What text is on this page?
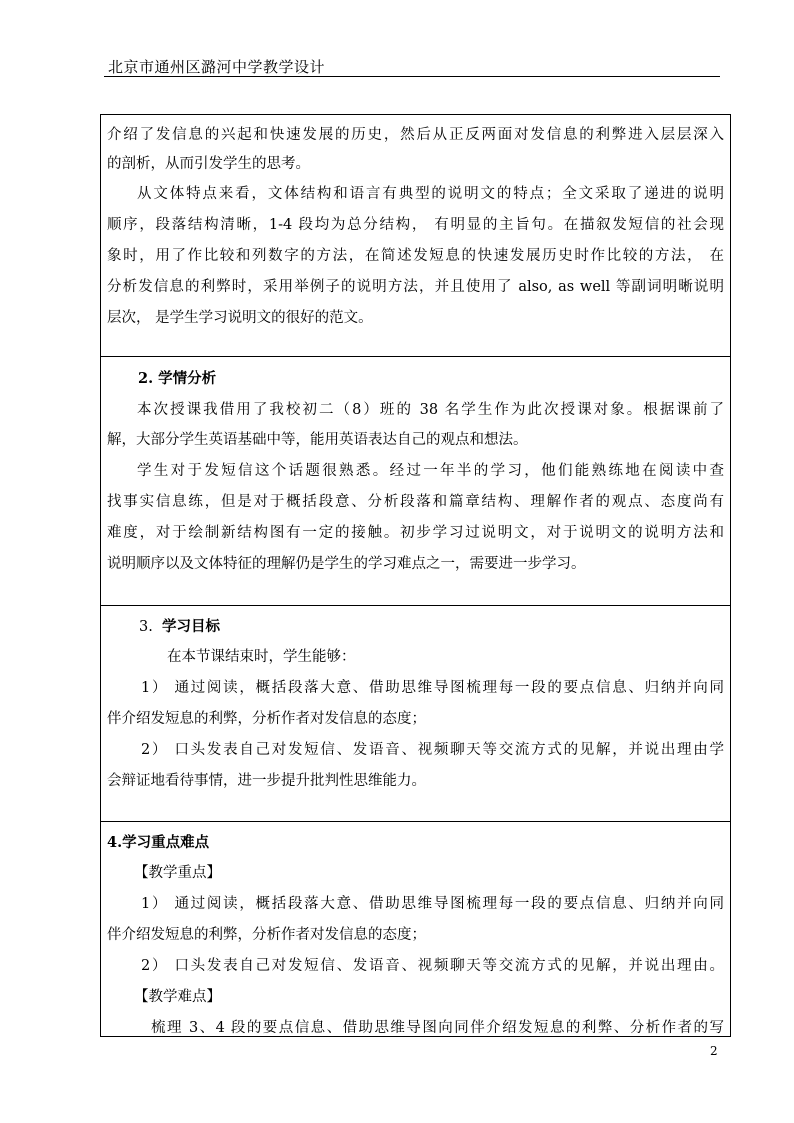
北京市通州区潞河中学教学设计
介绍了发信息的兴起和快速发展的历史，然后从正反两面对发信息的利弊进入层层深入
的剖析，从而引发学生的思考。
从文体特点来看，文体结构和语言有典型的说明文的特点；全文采取了递进的说明
顺序，段落结构清晰，1-4 段均为总分结构， 有明显的主旨句。在描叙发短信的社会现
象时，用了作比较和列数字的方法，在简述发短息的快速发展历史时作比较的方法， 在
分析发信息的利弊时，采用举例子的说明方法，并且使用了 also, as well 等副词明晰说明
层次， 是学生学习说明文的很好的范文。
2. 学情分析
本次授课我借用了我校初二（8）班的 38 名学生作为此次授课对象。根据课前了
解，大部分学生英语基础中等，能用英语表达自己的观点和想法。
学生对于发短信这个话题很熟悉。经过一年半的学习，他们能熟练地在阅读中查
找事实信息练，但是对于概括段意、分析段落和篇章结构、理解作者的观点、态度尚有
难度，对于绘制新结构图有一定的接触。初步学习过说明文，对于说明文的说明方法和
说明顺序以及文体特征的理解仍是学生的学习难点之一，需要进一步学习。
3. 学习目标
在本节课结束时，学生能够：
1） 通过阅读，概括段落大意、借助思维导图梳理每一段的要点信息、归纳并向同
伴介绍发短息的利弊，分析作者对发信息的态度；
2） 口头发表自己对发短信、发语音、视频聊天等交流方式的见解，并说出理由学
会辩证地看待事情，进一步提升批判性思维能力。
4.学习重点难点
【教学重点】
1） 通过阅读，概括段落大意、借助思维导图梳理每一段的要点信息、归纳并向同
伴介绍发短息的利弊，分析作者对发信息的态度；
2） 口头发表自己对发短信、发语音、视频聊天等交流方式的见解，并说出理由。
【教学难点】
梳理 3、4 段的要点信息、借助思维导图向同伴介绍发短息的利弊、分析作者的写
2
